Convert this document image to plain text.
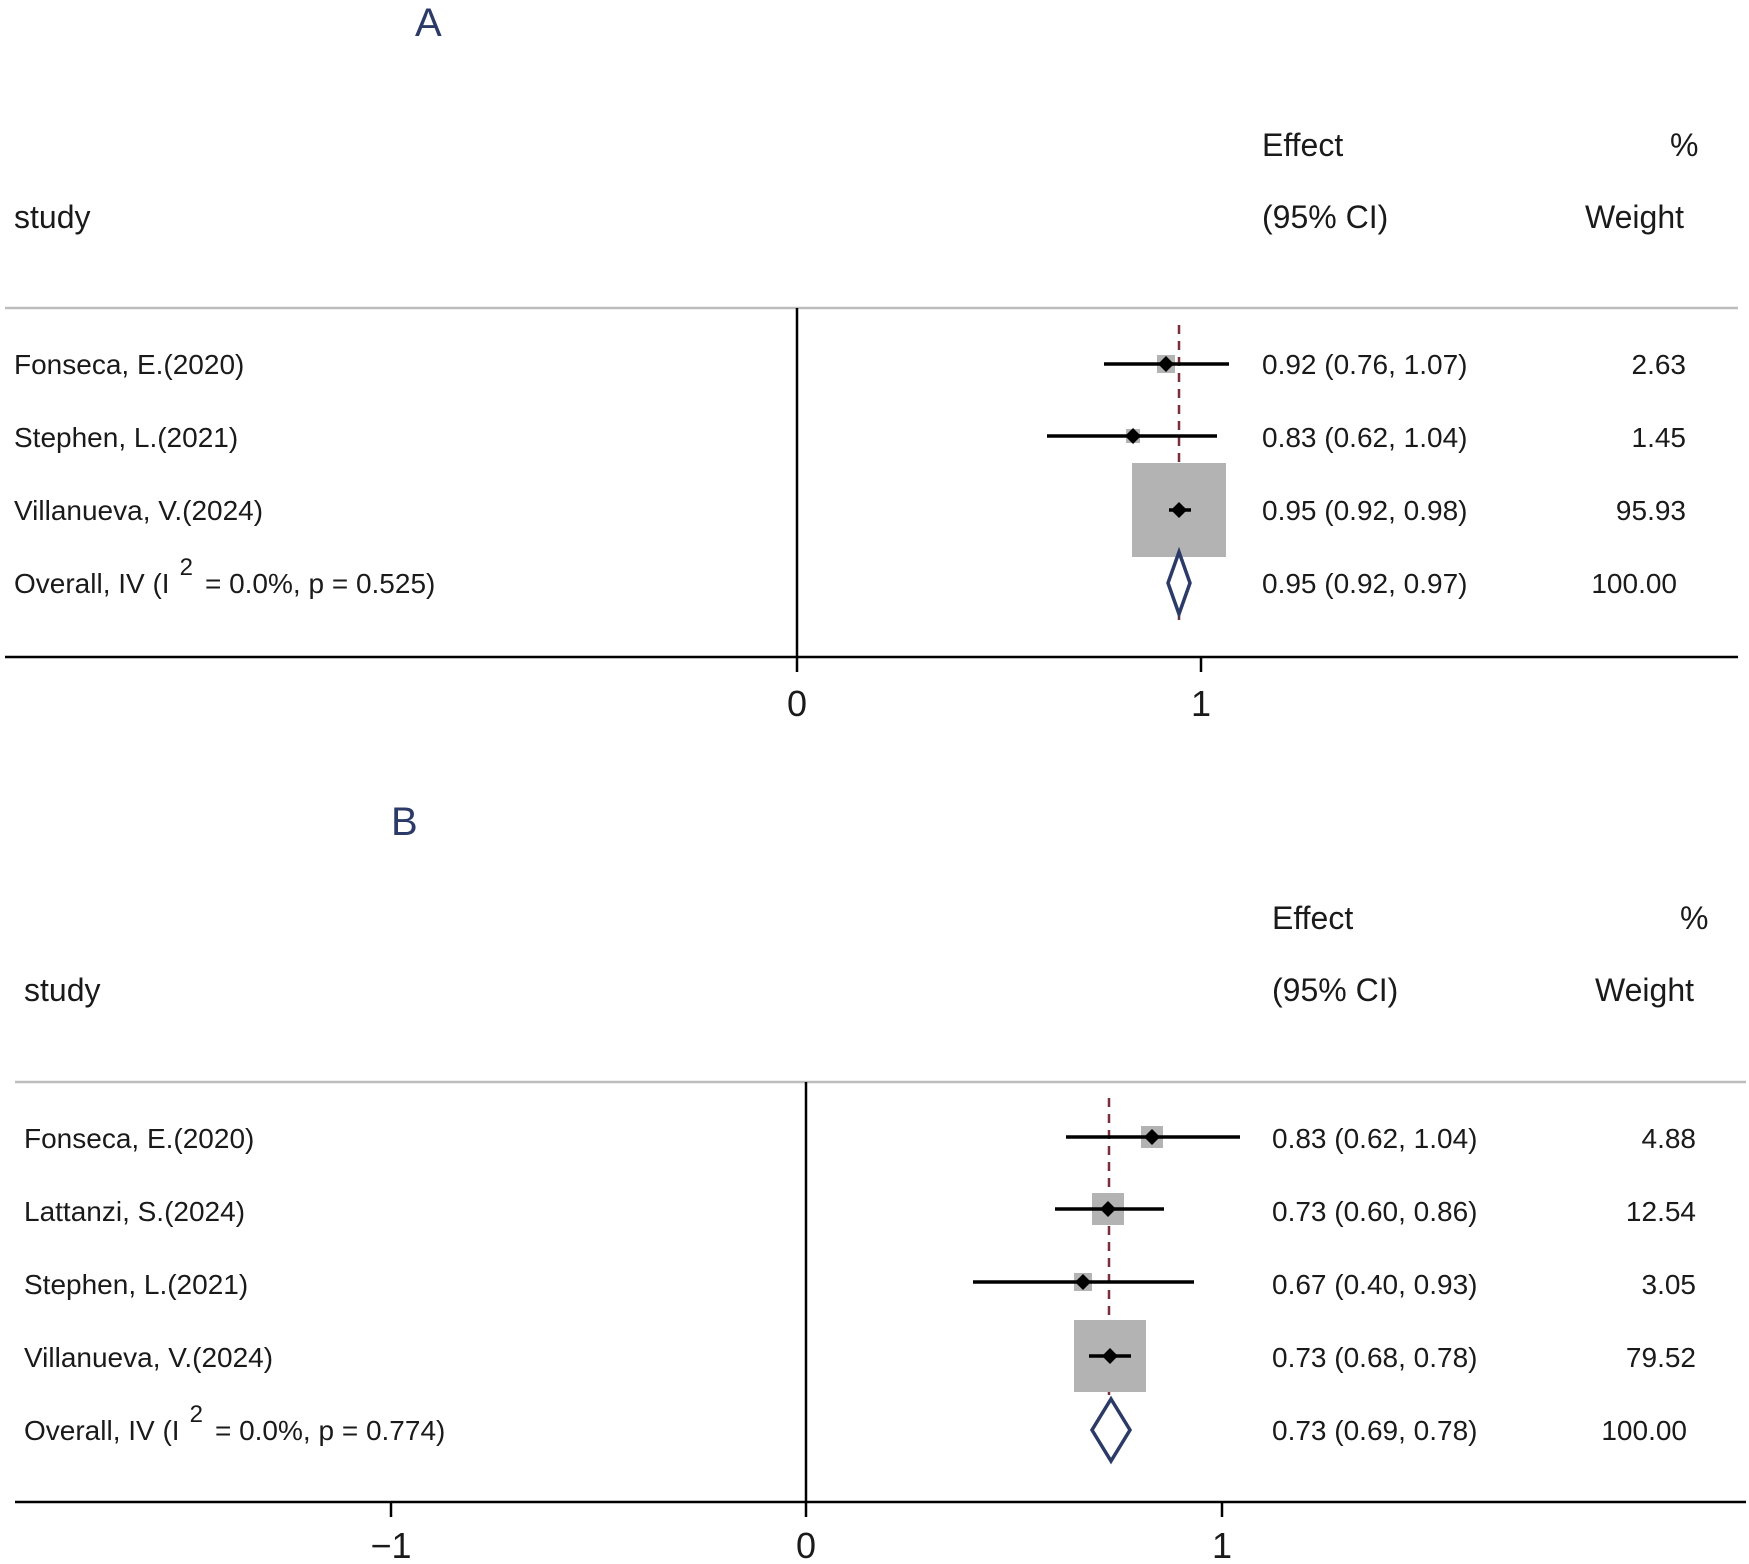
A
Effect	%
study	(95% CI)	Weight
Fonseca, E.(2020)	0.92 (0.76, 1.07)	2.63
Stephen, L.(2021)	0.83 (0.62, 1.04)	1.45
Villanueva, V.(2024)	0.95 (0.92, 0.98)	95.93
Overall, IV (I2= 0.0%, p = 0.525)	0.95 (0.92, 0.97)	100.00
0	1
B
Effect	%
study	(95% CI)	Weight
Fonseca, E.(2020)	0.83 (0.62, 1.04)	4.88
Lattanzi, S.(2024)	0.73 (0.60, 0.86)	12.54
Stephen, L.(2021)	0.67 (0.40, 0.93)	3.05
Villanueva, V.(2024)	0.73 (0.68, 0.78)	79.52
Overall, IV (I2= 0.0%, p = 0.774)	0.73 (0.69, 0.78)	100.00
−1	0	1
